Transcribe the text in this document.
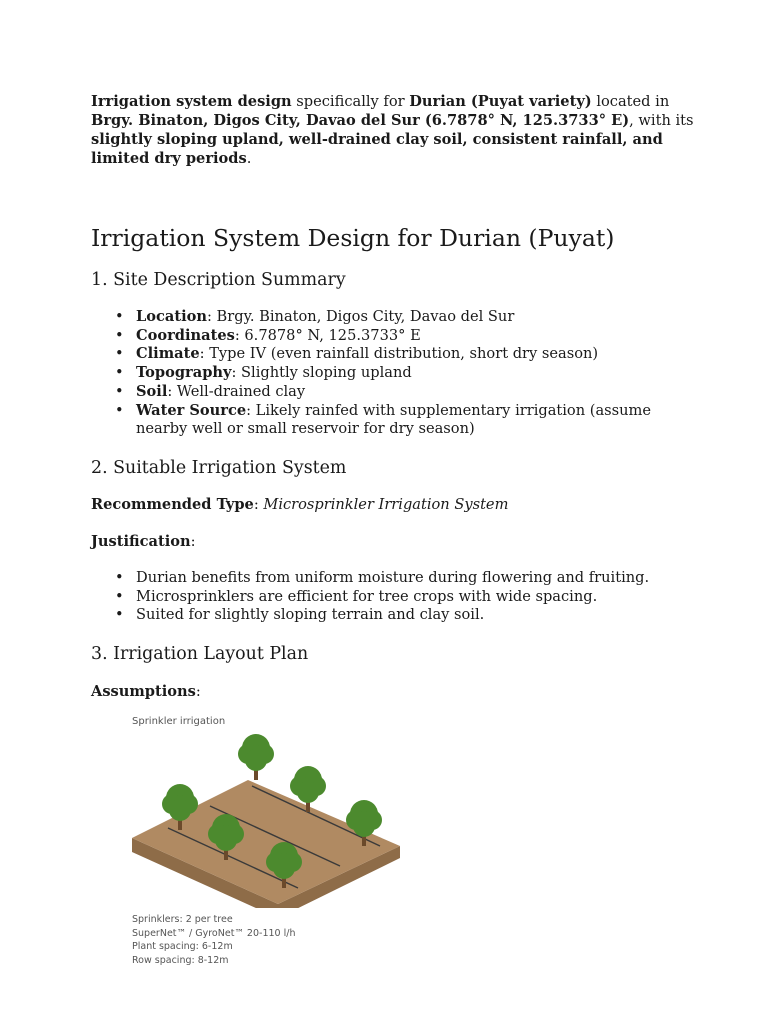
Irrigation system design specifically for Durian (Puyat variety) located in Brgy. Binaton, Digos City, Davao del Sur (6.7878° N, 125.3733° E), with its slightly sloping upland, well-drained clay soil, consistent rainfall, and limited dry periods.

Irrigation System Design for Durian (Puyat)
1. Site Description Summary
• Location: Brgy. Binaton, Digos City, Davao del Sur
• Coordinates: 6.7878° N, 125.3733° E
• Climate: Type IV (even rainfall distribution, short dry season)
• Topography: Slightly sloping upland
• Soil: Well-drained clay
• Water Source: Likely rainfed with supplementary irrigation (assume nearby well or small reservoir for dry season)
2. Suitable Irrigation System

Recommended Type: Microsprinkler Irrigation System

Justification:

• Durian benefits from uniform moisture during flowering and fruiting.
• Microsprinklers are efficient for tree crops with wide spacing.
• Suited for slightly sloping terrain and clay soil.
3. Irrigation Layout Plan

Assumptions:

Sprinkler irrigation
Sprinklers: 2 per tree
SuperNet™ / GyroNet™ 20-110 l/h
Plant spacing: 6-12m
Row spacing: 8-12m
